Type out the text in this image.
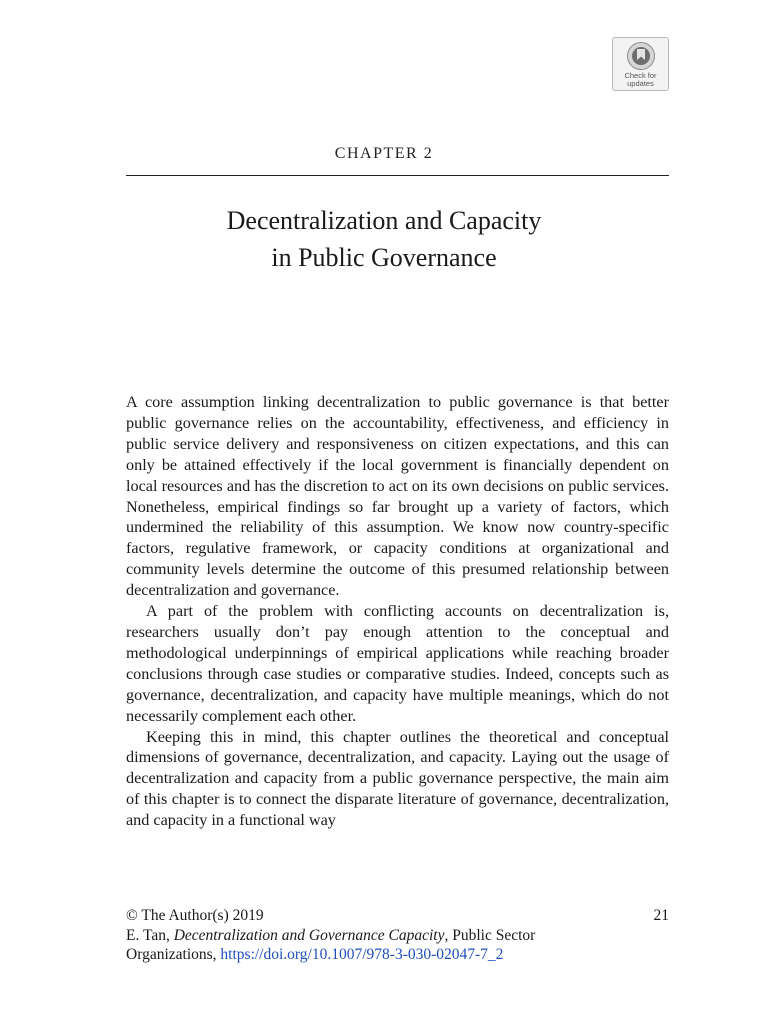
Check for
updates
CHAPTER 2
Decentralization and Capacity
in Public Governance

A core assumption linking decentralization to public governance is that better public governance relies on the accountability, effectiveness, and efficiency in public service delivery and responsiveness on citizen expectations, and this can only be attained effectively if the local government is financially dependent on local resources and has the discretion to act on its own decisions on public services. Nonetheless, empirical findings so far brought up a variety of factors, which undermined the reliability of this assumption. We know now country-specific factors, regulative framework, or capacity conditions at organizational and community levels determine the outcome of this presumed relationship between decentralization and governance.

A part of the problem with conflicting accounts on decentralization is, researchers usually don’t pay enough attention to the conceptual and methodological underpinnings of empirical applications while reaching broader conclusions through case studies or comparative studies. Indeed, concepts such as governance, decentralization, and capacity have multiple meanings, which do not necessarily complement each other.

Keeping this in mind, this chapter outlines the theoretical and conceptual dimensions of governance, decentralization, and capacity. Laying out the usage of decentralization and capacity from a public governance perspective, the main aim of this chapter is to connect the disparate literature of governance, decentralization, and capacity in a functional way

© The Author(s) 2019	21
E. Tan, Decentralization and Governance Capacity, Public Sector
Organizations, https://doi.org/10.1007/978-3-030-02047-7_2
